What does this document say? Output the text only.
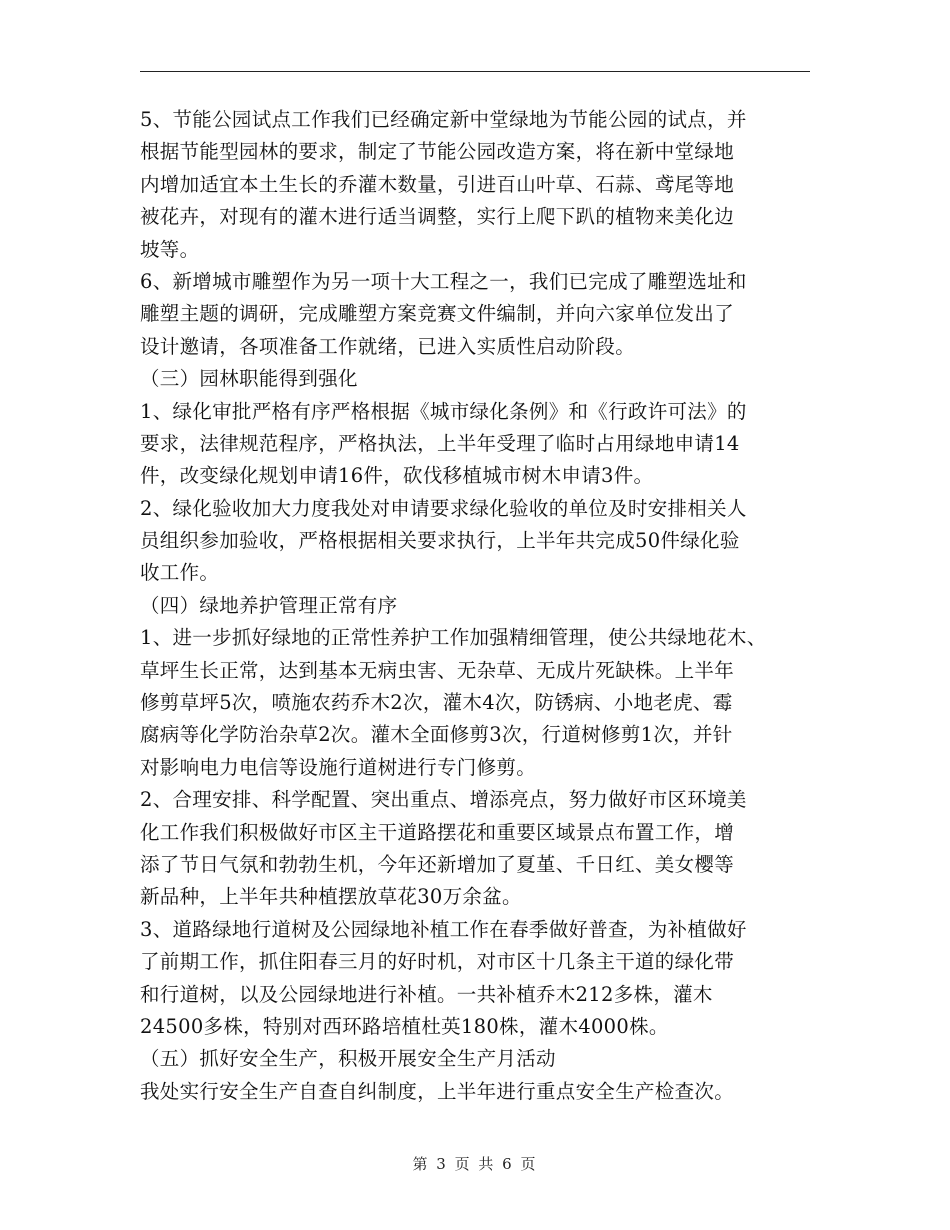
5、节能公园试点工作我们已经确定新中堂绿地为节能公园的试点，并
根据节能型园林的要求，制定了节能公园改造方案，将在新中堂绿地
内增加适宜本土生长的乔灌木数量，引进百山叶草、石蒜、鸢尾等地
被花卉，对现有的灌木进行适当调整，实行上爬下趴的植物来美化边
坡等。
6、新增城市雕塑作为另一项十大工程之一，我们已完成了雕塑选址和
雕塑主题的调研，完成雕塑方案竞赛文件编制，并向六家单位发出了
设计邀请，各项准备工作就绪，已进入实质性启动阶段。
（三）园林职能得到强化
1、绿化审批严格有序严格根据《城市绿化条例》和《行政许可法》的
要求，法律规范程序，严格执法，上半年受理了临时占用绿地申请14
件，改变绿化规划申请16件，砍伐移植城市树木申请3件。
2、绿化验收加大力度我处对申请要求绿化验收的单位及时安排相关人
员组织参加验收，严格根据相关要求执行，上半年共完成50件绿化验
收工作。
（四）绿地养护管理正常有序
1、进一步抓好绿地的正常性养护工作加强精细管理，使公共绿地花木、
草坪生长正常，达到基本无病虫害、无杂草、无成片死缺株。上半年
修剪草坪5次，喷施农药乔木2次，灌木4次，防锈病、小地老虎、霉
腐病等化学防治杂草2次。灌木全面修剪3次，行道树修剪1次，并针
对影响电力电信等设施行道树进行专门修剪。
2、合理安排、科学配置、突出重点、增添亮点，努力做好市区环境美
化工作我们积极做好市区主干道路摆花和重要区域景点布置工作，增
添了节日气氛和勃勃生机，今年还新增加了夏堇、千日红、美女樱等
新品种，上半年共种植摆放草花30万余盆。
3、道路绿地行道树及公园绿地补植工作在春季做好普查，为补植做好
了前期工作，抓住阳春三月的好时机，对市区十几条主干道的绿化带
和行道树，以及公园绿地进行补植。一共补植乔木212多株，灌木
24500多株，特别对西环路培植杜英180株，灌木4000株。
（五）抓好安全生产，积极开展安全生产月活动
我处实行安全生产自查自纠制度，上半年进行重点安全生产检查次。
第 3 页 共 6 页
